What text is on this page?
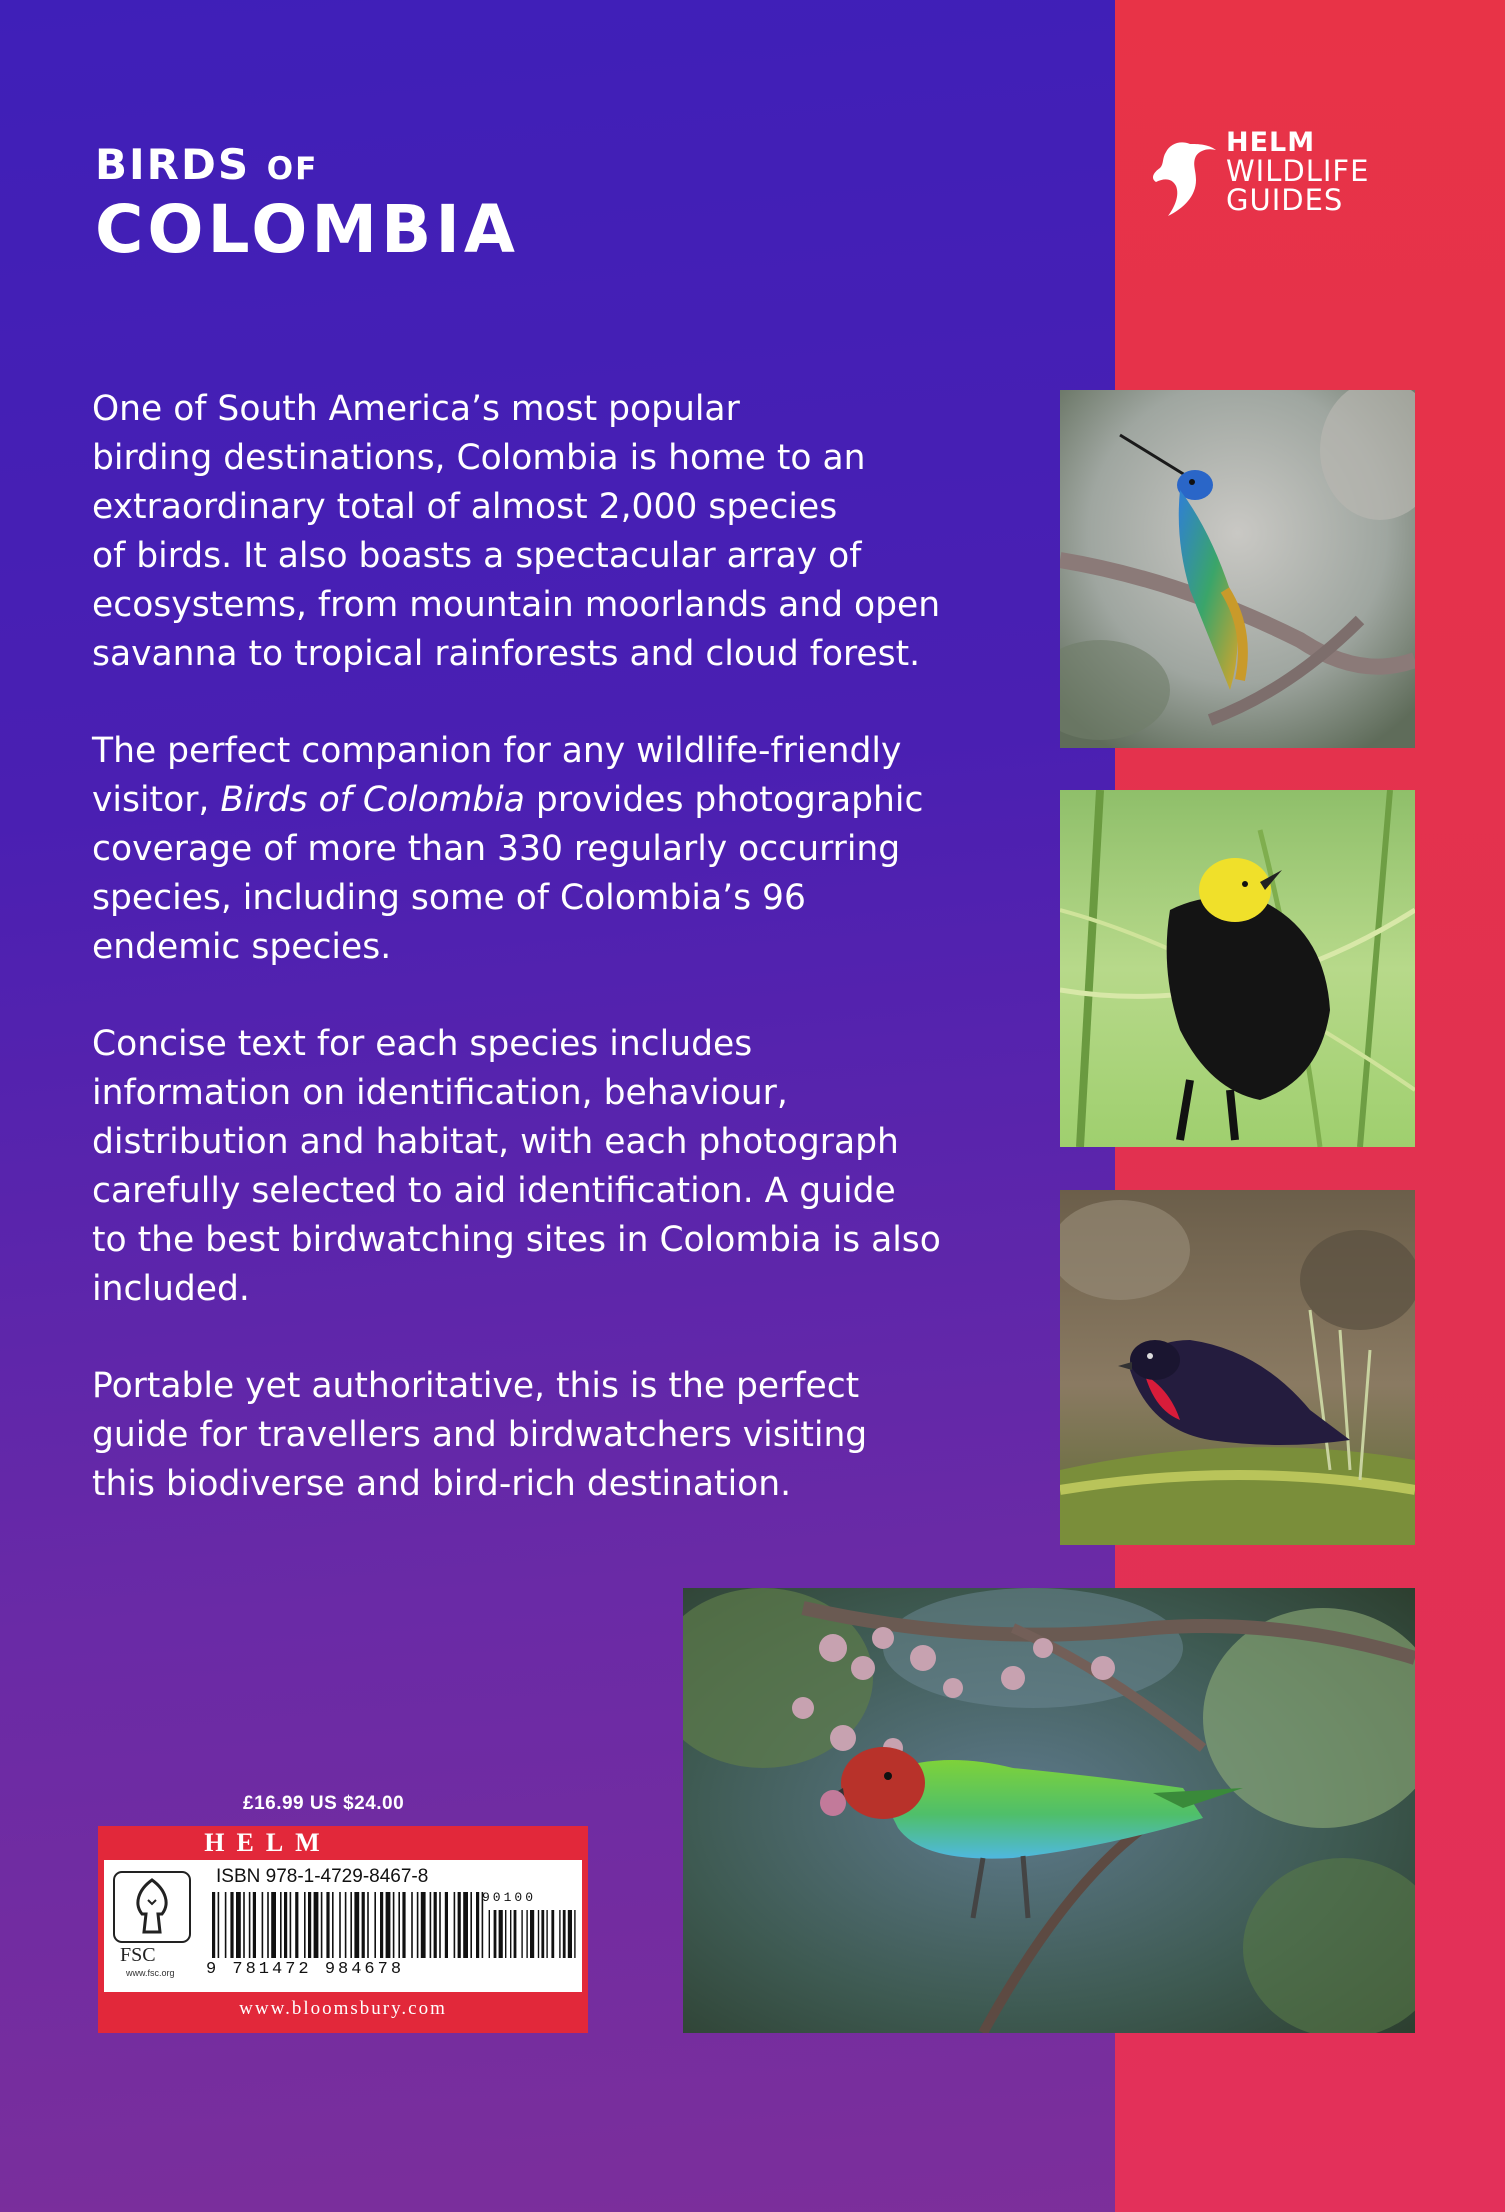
BIRDS OF
COLOMBIA
HELM
WILDLIFE
GUIDES

One of South America’s most popular
birding destinations, Colombia is home to an
extraordinary total of almost 2,000 species
of birds. It also boasts a spectacular array of
ecosystems, from mountain moorlands and open
savanna to tropical rainforests and cloud forest.

The perfect companion for any wildlife-friendly
visitor, Birds of Colombia provides photographic
coverage of more than 330 regularly occurring
species, including some of Colombia’s 96
endemic species.

Concise text for each species includes
information on identification, behaviour,
distribution and habitat, with each photograph
carefully selected to aid identification. A guide
to the best birdwatching sites in Colombia is also
included.

Portable yet authoritative, this is the perfect
guide for travellers and birdwatchers visiting
this biodiverse and bird-rich destination.

£16.99 US $24.00
HELM
FSC
www.fsc.org
ISBN 978-1-4729-8467-8
90100
9 781472 984678
www.bloomsbury.com
